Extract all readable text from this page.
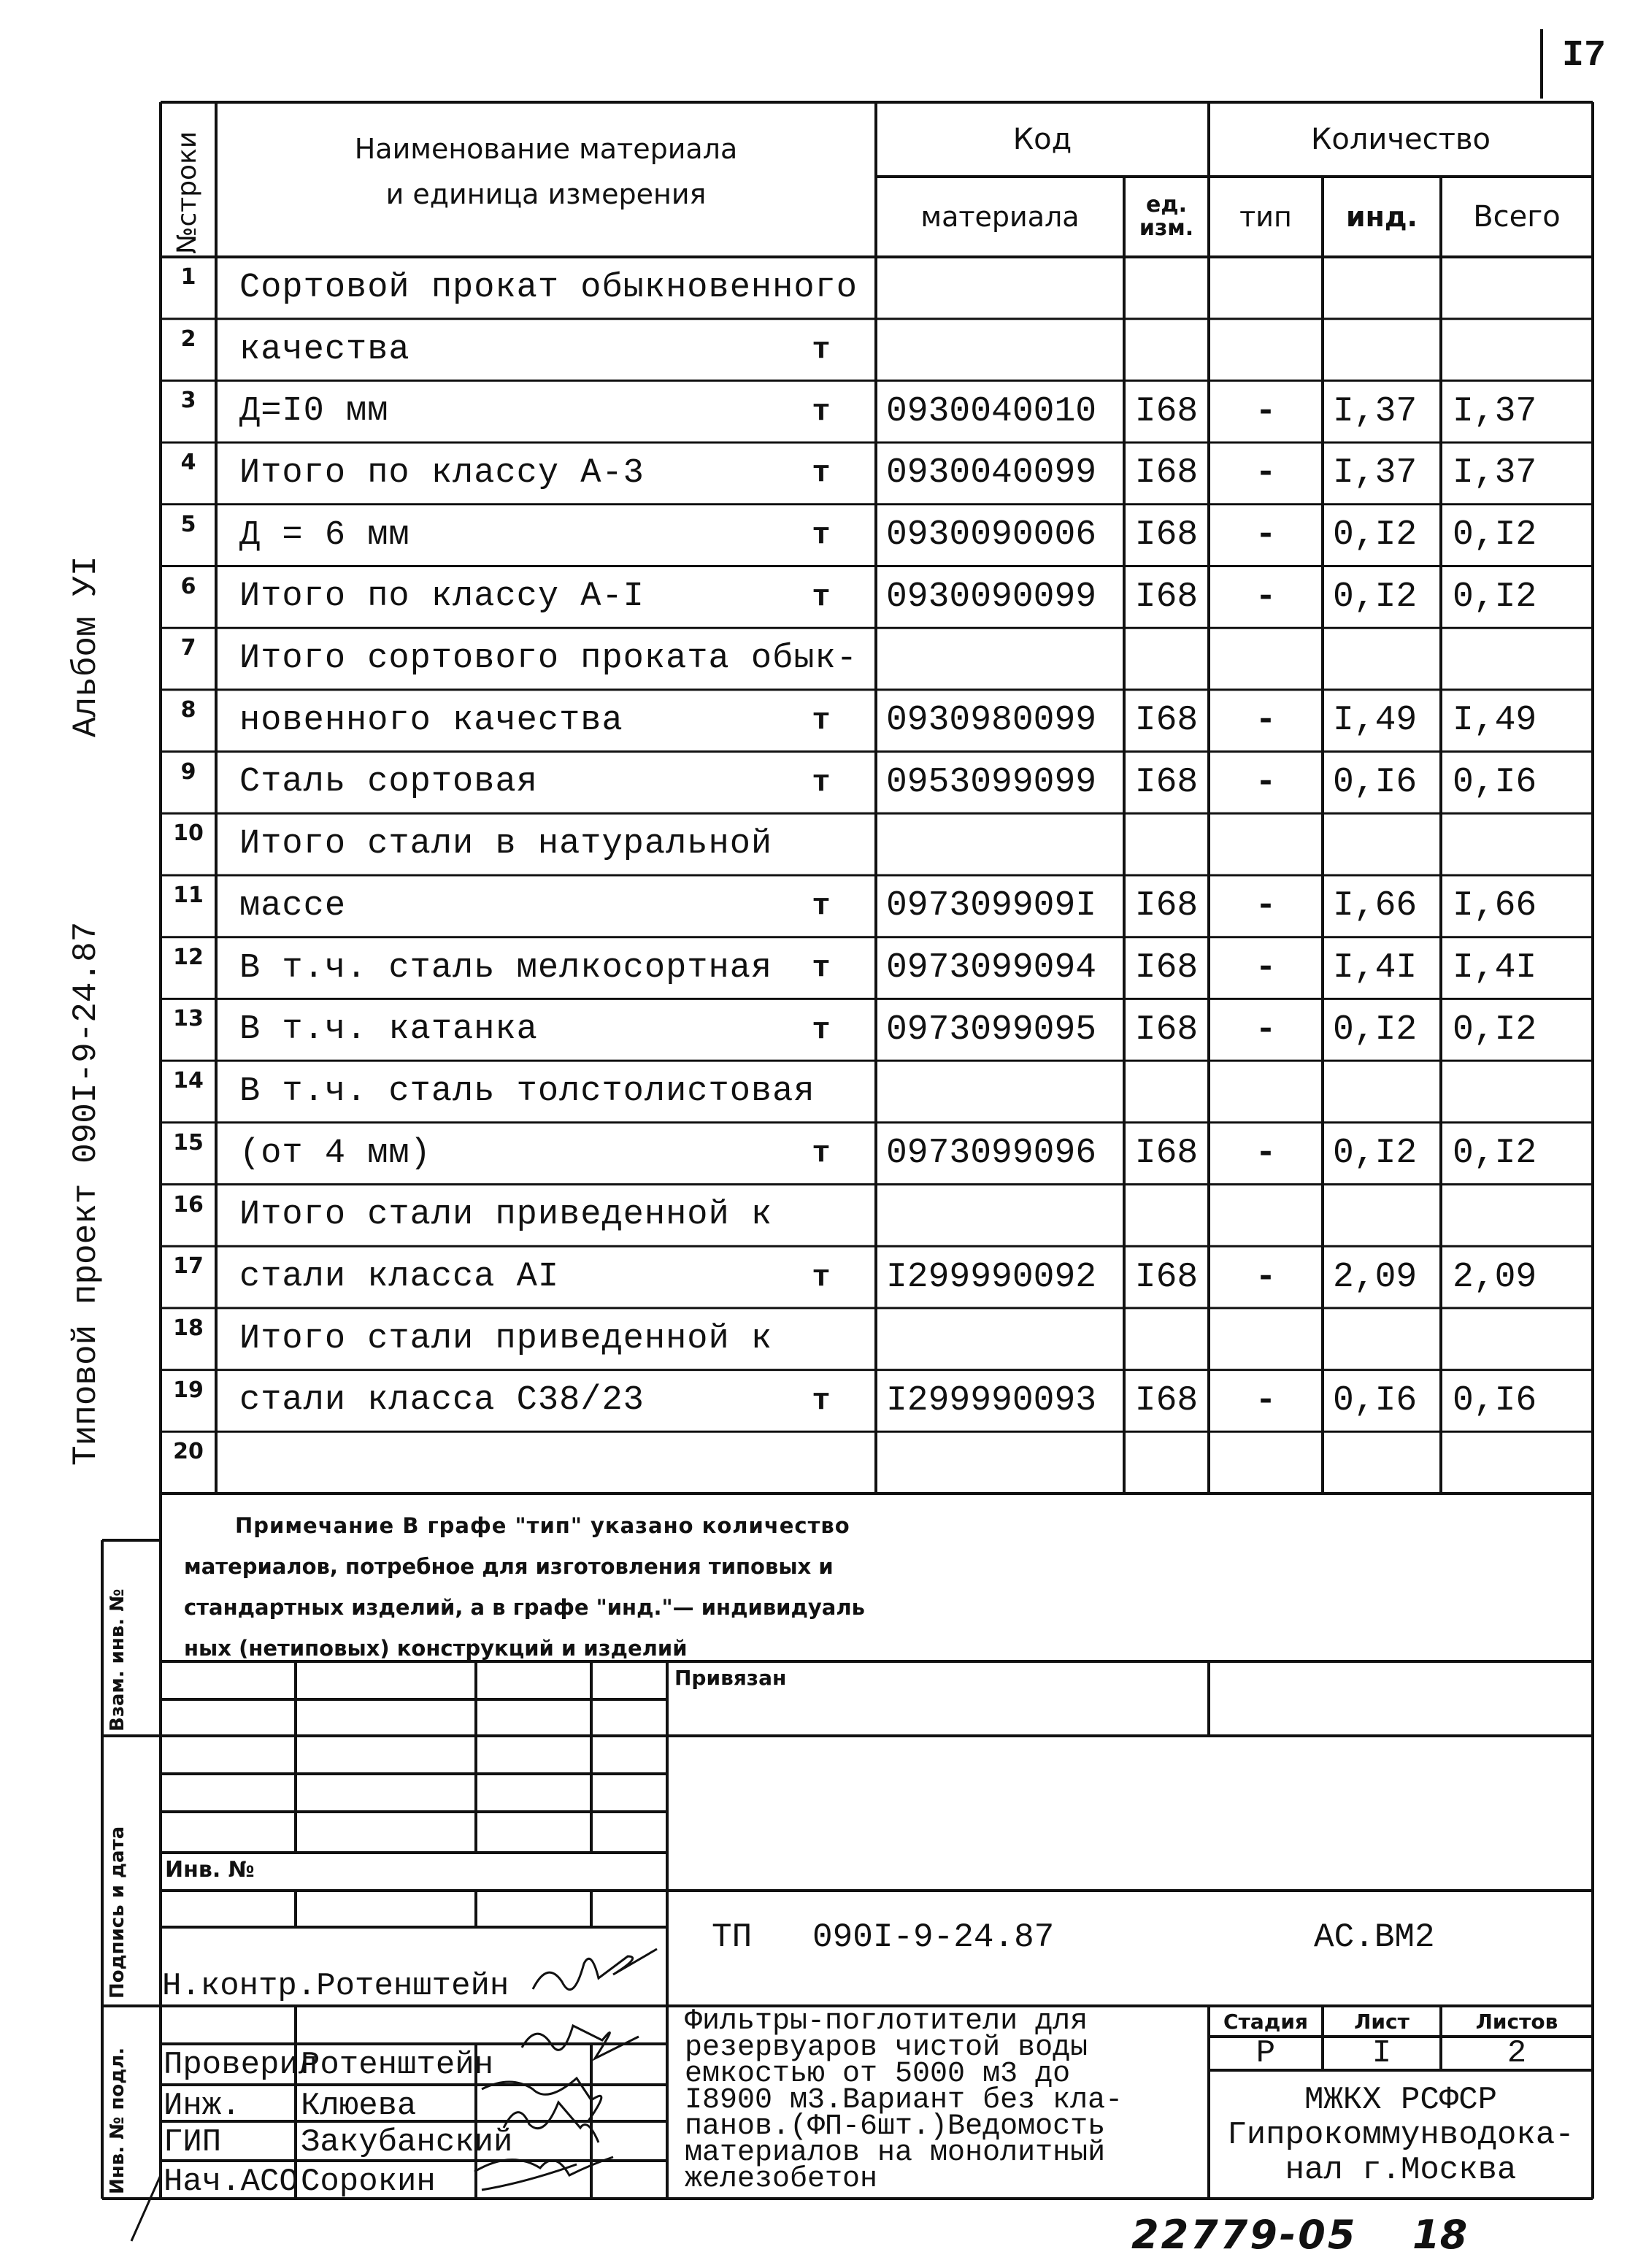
I7
Альбом УI
Типовой проект 090I-9-24.87
№строки	Наименование материала
и единица измерения
Код
материала	ед. изм.
Количество
тип	инд.	Всего
1	Сортовой прокат обыкновенного
2	качества	т
3	Д=I0 мм	т	0930040010	I68	-	I,37	I,37
4	Итого по классу А-3	т	0930040099	I68	-	I,37	I,37
5	Д = 6 мм	т	0930090006	I68	-	0,I2	0,I2
6	Итого по классу А-I	т	0930090099	I68	-	0,I2	0,I2
7	Итого сортового проката обык-
8	новенного качества	т	0930980099	I68	-	I,49	I,49
9	Сталь сортовая	т	0953099099	I68	-	0,I6	0,I6
10	Итого стали в натуральной
11	массе	т	097309909I	I68	-	I,66	I,66
12	В т.ч. сталь мелкосортная	т	0973099094	I68	-	I,4I	I,4I
13	В т.ч. катанка	т	0973099095	I68	-	0,I2	0,I2
14	В т.ч. сталь толстолистовая
15	(от 4 мм)	т	0973099096	I68	-	0,I2	0,I2
16	Итого стали приведенной к
17	стали класса АI	т	I299990092	I68	-	2,09	2,09
18	Итого стали приведенной к
19	стали класса С38/23	т	I299990093	I68	-	0,I6	0,I6
20
Примечание В графе "тип" указано количество
материалов, потребное для изготовления типовых и
стандартных изделий, а в графе "инд."— индивидуаль
ных (нетиповых) конструкций и изделий
Взам. инв. №
Подпись и дата
Инв. № подл.
Привязан
Инв. №
ТП   090I-9-24.87	АС.ВМ2
Н.контр.Ротенштейн
Проверил
Ротенштейн
Инж. Клюева
ГИП Закубанский
Нач.АСО Сорокин
Фильтры-поглотители для
резервуаров чистой воды
емкостью от 5000 м3 до
I8900 м3.Вариант без кла-
панов.(ФП-6шт.)Ведомость
материалов на монолитный
железобетон
Стадия	Лист	Листов
Р	I	2
МЖКХ РСФСР
Гипрокоммунводока-
нал г.Москва
22779-05 18
